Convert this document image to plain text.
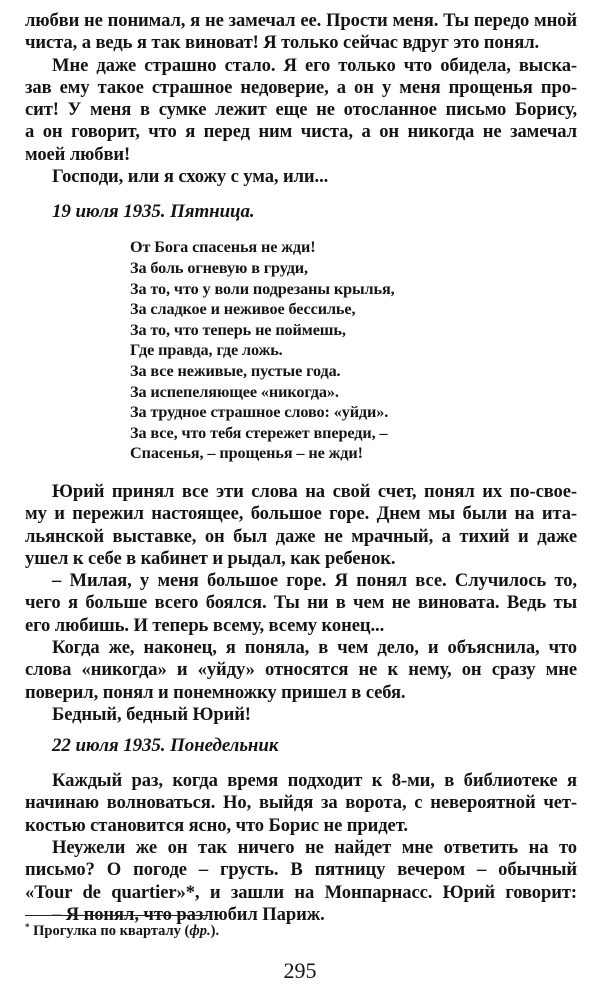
любви не понимал, я не замечал ее. Прости меня. Ты передо мной
чиста, а ведь я так виноват! Я только сейчас вдруг это понял.
Мне даже страшно стало. Я его только что обидела, выска-
зав ему такое страшное недоверие, а он у меня прощенья про-
сит! У меня в сумке лежит еще не отосланное письмо Борису,
а он говорит, что я перед ним чиста, а он никогда не замечал
моей любви!
Господи, или я схожу с ума, или...
19 июля 1935. Пятница.
От Бога спасенья не жди!
За боль огневую в груди,
За то, что у воли подрезаны крылья,
За сладкое и неживое бессилье,
За то, что теперь не поймешь,
Где правда, где ложь.
За все неживые, пустые года.
За испепеляющее «никогда».
За трудное страшное слово: «уйди».
За все, что тебя стережет впереди, –
Спасенья, – прощенья – не жди!
Юрий принял все эти слова на свой счет, понял их по-свое-
му и пережил настоящее, большое горе. Днем мы были на ита-
льянской выставке, он был даже не мрачный, а тихий и даже
ушел к себе в кабинет и рыдал, как ребенок.
– Милая, у меня большое горе. Я понял все. Случилось то,
чего я больше всего боялся. Ты ни в чем не виновата. Ведь ты
его любишь. И теперь всему, всему конец...
Когда же, наконец, я поняла, в чем дело, и объяснила, что
слова «никогда» и «уйду» относятся не к нему, он сразу мне
поверил, понял и понемножку пришел в себя.
Бедный, бедный Юрий!
22 июля 1935. Понедельник
Каждый раз, когда время подходит к 8-ми, в библиотеке я
начинаю волноваться. Но, выйдя за ворота, с невероятной чет-
костью становится ясно, что Борис не придет.
Неужели же он так ничего не найдет мне ответить на то
письмо? О погоде – грусть. В пятницу вечером – обычный
«Tour de quartier»*, и зашли на Монпарнасс. Юрий говорит:
– Я понял, что разлюбил Париж.
* Прогулка по кварталу (фр.).
295
